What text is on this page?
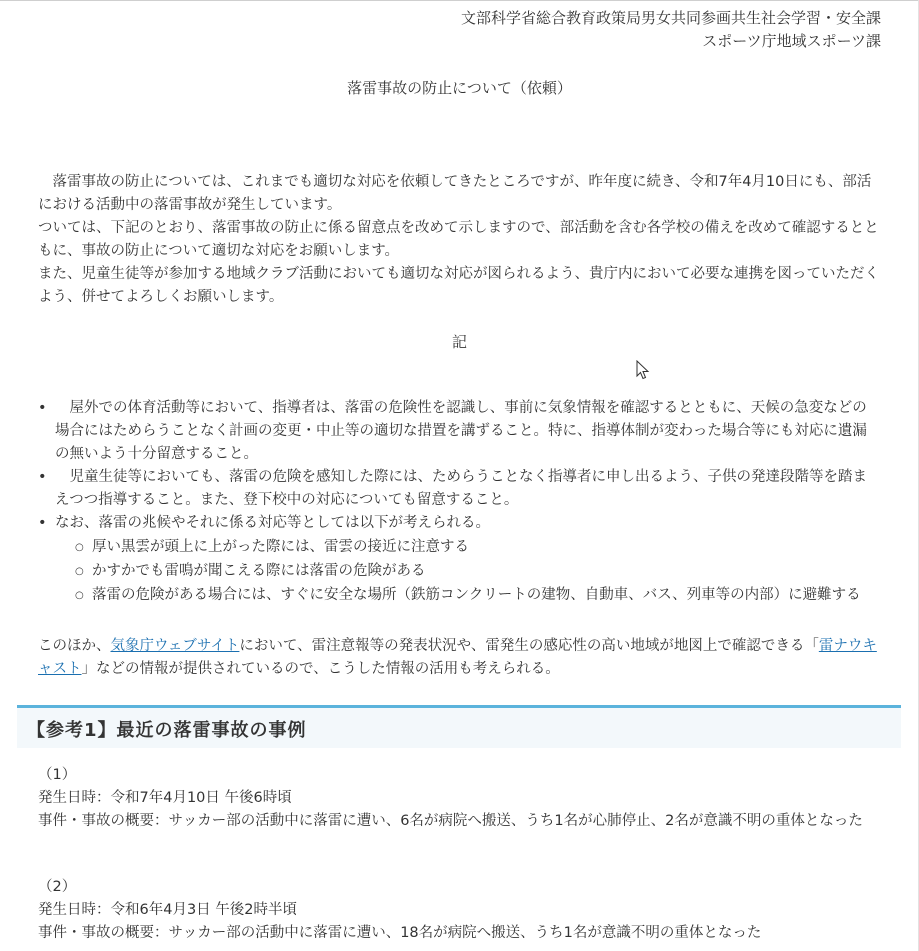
文部科学省総合教育政策局男女共同参画共生社会学習・安全課
スポーツ庁地域スポーツ課
落雷事故の防止について（依頼）

　落雷事故の防止については、これまでも適切な対応を依頼してきたところですが、昨年度に続き、令和7年4月10日にも、部活における活動中の落雷事故が発生しています。

ついては、下記のとおり、落雷事故の防止に係る留意点を改めて示しますので、部活動を含む各学校の備えを改めて確認するとともに、事故の防止について適切な対応をお願いします。

また、児童生徒等が参加する地域クラブ活動においても適切な対応が図られるよう、貴庁内において必要な連携を図っていただくよう、併せてよろしくお願いします。

記
• 　屋外での体育活動等において、指導者は、落雷の危険性を認識し、事前に気象情報を確認するとともに、天候の急変などの場合にはためらうことなく計画の変更・中止等の適切な措置を講ずること。特に、指導体制が変わった場合等にも対応に遺漏の無いよう十分留意すること。
• 　児童生徒等においても、落雷の危険を感知した際には、ためらうことなく指導者に申し出るよう、子供の発達段階等を踏まえつつ指導すること。また、登下校中の対応についても留意すること。
• なお、落雷の兆候やそれに係る対応等としては以下が考えられる。
○ 厚い黒雲が頭上に上がった際には、雷雲の接近に注意する
○ かすかでも雷鳴が聞こえる際には落雷の危険がある
○ 落雷の危険がある場合には、すぐに安全な場所（鉄筋コンクリートの建物、自動車、バス、列車等の内部）に避難する

このほか、気象庁ウェブサイトにおいて、雷注意報等の発表状況や、雷発生の感応性の高い地域が地図上で確認できる「雷ナウキャスト」などの情報が提供されているので、こうした情報の活用も考えられる。

【参考1】最近の落雷事故の事例

（1）

発生日時：令和7年4月10日 午後6時頃

事件・事故の概要：サッカー部の活動中に落雷に遭い、6名が病院へ搬送、うち1名が心肺停止、2名が意識不明の重体となった

（2）

発生日時：令和6年4月3日 午後2時半頃

事件・事故の概要：サッカー部の活動中に落雷に遭い、18名が病院へ搬送、うち1名が意識不明の重体となった
